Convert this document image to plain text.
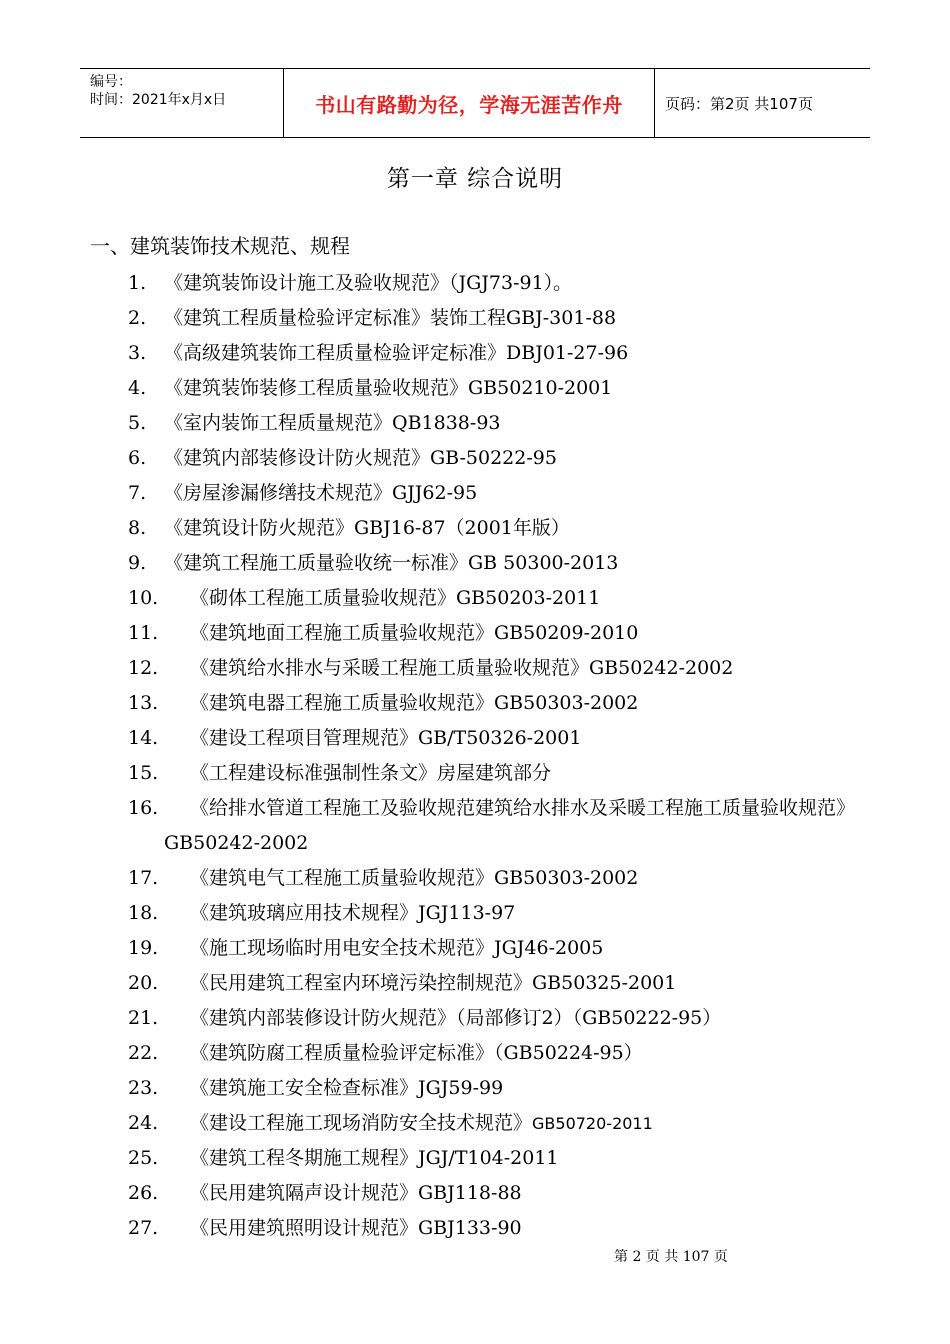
编号：
时间：2021年x月x日	书山有路勤为径，学海无涯苦作舟	页码：第2页 共107页
第一章 综合说明
一、建筑装饰技术规范、规程
1. 《建筑装饰设计施工及验收规范》（JGJ73-91）。
2. 《建筑工程质量检验评定标准》装饰工程GBJ-301-88
3. 《高级建筑装饰工程质量检验评定标准》DBJ01-27-96
4. 《建筑装饰装修工程质量验收规范》GB50210-2001
5. 《室内装饰工程质量规范》QB1838-93
6. 《建筑内部装修设计防火规范》GB-50222-95
7. 《房屋渗漏修缮技术规范》GJJ62-95
8. 《建筑设计防火规范》GBJ16-87（2001年版）
9. 《建筑工程施工质量验收统一标准》GB 50300-2013
10. 《砌体工程施工质量验收规范》GB50203-2011
11. 《建筑地面工程施工质量验收规范》GB50209-2010
12. 《建筑给水排水与采暖工程施工质量验收规范》GB50242-2002
13. 《建筑电器工程施工质量验收规范》GB50303-2002
14. 《建设工程项目管理规范》GB/T50326-2001
15. 《工程建设标准强制性条文》房屋建筑部分
16.	《给排水管道工程施工及验收规范建筑给水排水及采暖工程施工质量验收规范》GB50242-2002
17. 《建筑电气工程施工质量验收规范》GB50303-2002
18. 《建筑玻璃应用技术规程》JGJ113-97
19. 《施工现场临时用电安全技术规范》JGJ46-2005
20. 《民用建筑工程室内环境污染控制规范》GB50325-2001
21. 《建筑内部装修设计防火规范》（局部修订2）（GB50222-95）
22. 《建筑防腐工程质量检验评定标准》（GB50224-95）
23. 《建筑施工安全检查标准》JGJ59-99
24. 《建设工程施工现场消防安全技术规范》GB50720-2011
25. 《建筑工程冬期施工规程》JGJ/T104-2011
26. 《民用建筑隔声设计规范》GBJ118-88
27. 《民用建筑照明设计规范》GBJ133-90
第 2 页 共 107 页
